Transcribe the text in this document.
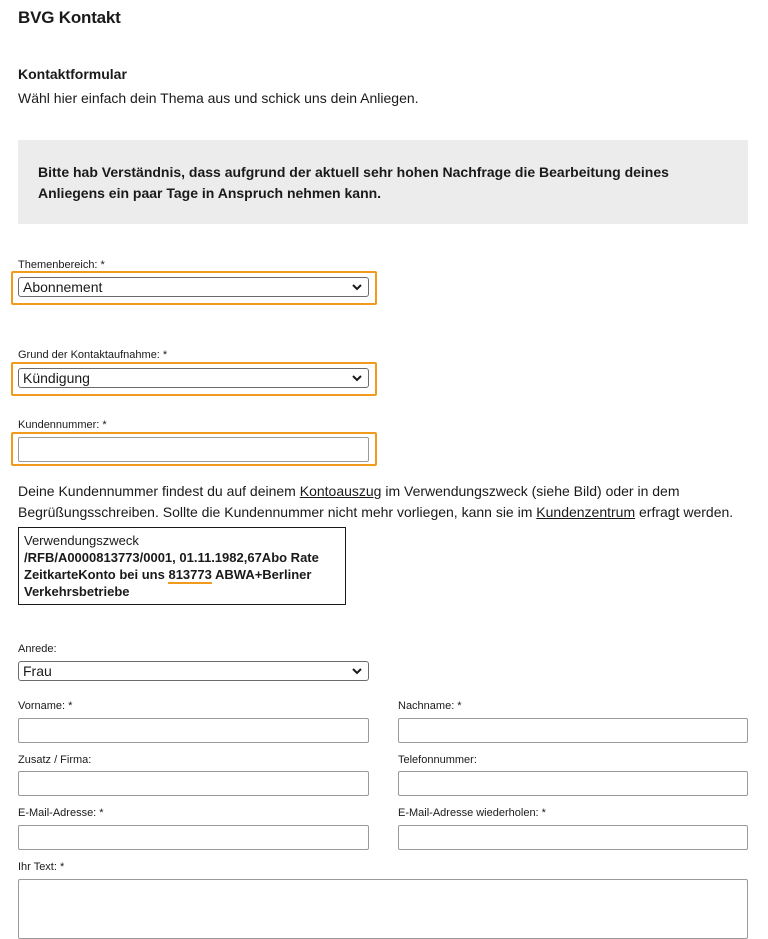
BVG Kontakt
Kontaktformular
Wähl hier einfach dein Thema aus und schick uns dein Anliegen.
Bitte hab Verständnis, dass aufgrund der aktuell sehr hohen Nachfrage die Bearbeitung deines
Anliegens ein paar Tage in Anspruch nehmen kann.
Themenbereich: *
Abonnement
Grund der Kontaktaufnahme: *
Kündigung
Kundennummer: *
Deine Kundennummer findest du auf deinem Kontoauszug im Verwendungszweck (siehe Bild) oder in dem
Begrüßungsschreiben. Sollte die Kundennummer nicht mehr vorliegen, kann sie im Kundenzentrum erfragt werden.
Verwendungszweck
/RFB/A0000813773/0001, 01.11.1982,67Abo Rate
ZeitkarteKonto bei uns 813773 ABWA+Berliner
Verkehrsbetriebe
Anrede:
Frau
Vorname: *	Nachname: *
Zusatz / Firma:	Telefonnummer:
E-Mail-Adresse: *	E-Mail-Adresse wiederholen: *
Ihr Text: *
